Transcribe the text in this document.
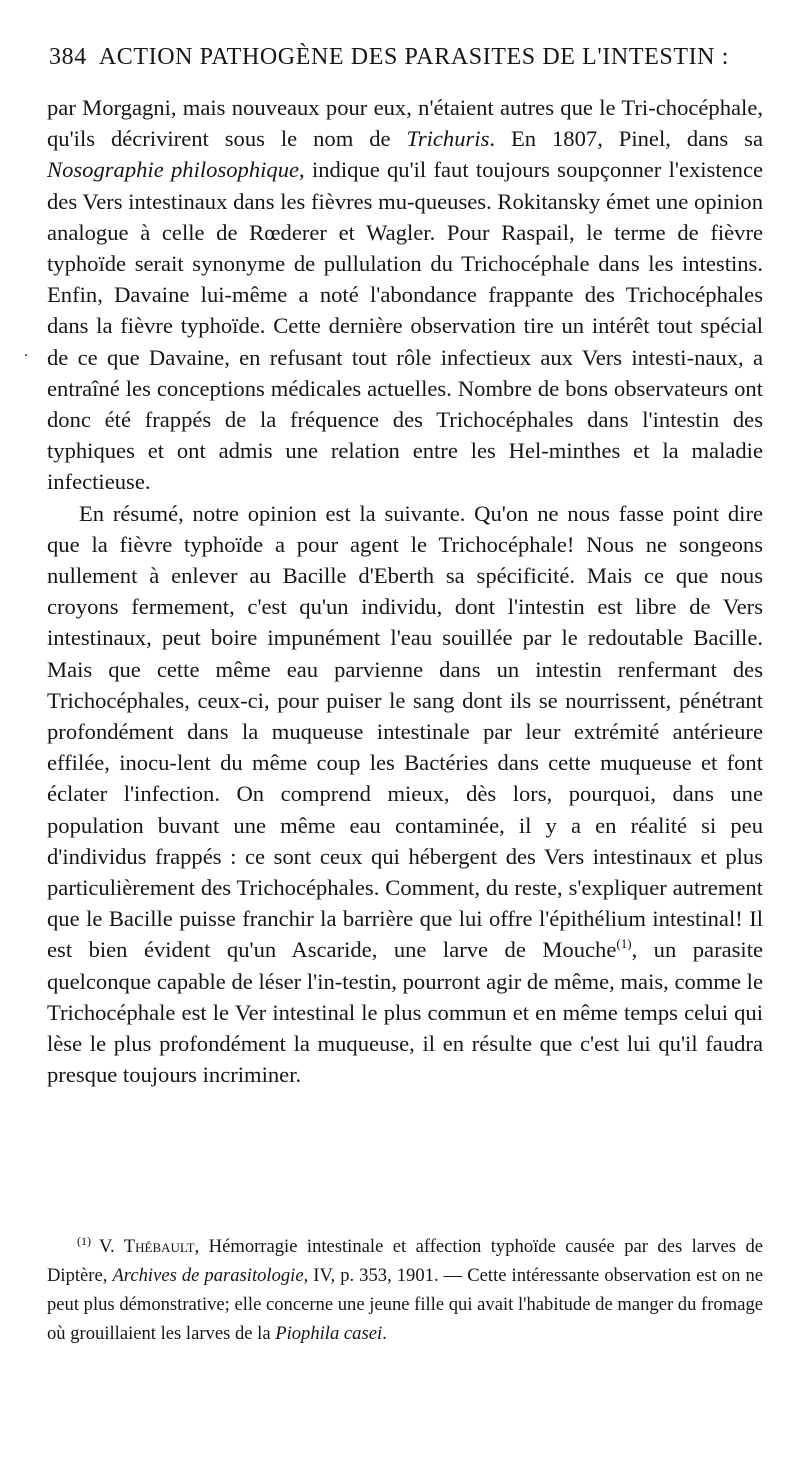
384 ACTION PATHOGÈNE DES PARASITES DE L'INTESTIN :
.

par Morgagni, mais nouveaux pour eux, n'étaient autres que le Tri-chocéphale, qu'ils décrivirent sous le nom de Trichuris. En 1807, Pinel, dans sa Nosographie philosophique, indique qu'il faut toujours soupçonner l'existence des Vers intestinaux dans les fièvres mu-queuses. Rokitansky émet une opinion analogue à celle de Rœderer et Wagler. Pour Raspail, le terme de fièvre typhoïde serait synonyme de pullulation du Trichocéphale dans les intestins. Enfin, Davaine lui-même a noté l'abondance frappante des Trichocéphales dans la fièvre typhoïde. Cette dernière observation tire un intérêt tout spécial de ce que Davaine, en refusant tout rôle infectieux aux Vers intesti-naux, a entraîné les conceptions médicales actuelles. Nombre de bons observateurs ont donc été frappés de la fréquence des Trichocéphales dans l'intestin des typhiques et ont admis une relation entre les Hel-minthes et la maladie infectieuse.

En résumé, notre opinion est la suivante. Qu'on ne nous fasse point dire que la fièvre typhoïde a pour agent le Trichocéphale! Nous ne songeons nullement à enlever au Bacille d'Eberth sa spécificité. Mais ce que nous croyons fermement, c'est qu'un individu, dont l'intestin est libre de Vers intestinaux, peut boire impunément l'eau souillée par le redoutable Bacille. Mais que cette même eau parvienne dans un intestin renfermant des Trichocéphales, ceux-ci, pour puiser le sang dont ils se nourrissent, pénétrant profondément dans la muqueuse intestinale par leur extrémité antérieure effilée, inocu-lent du même coup les Bactéries dans cette muqueuse et font éclater l'infection. On comprend mieux, dès lors, pourquoi, dans une population buvant une même eau contaminée, il y a en réalité si peu d'individus frappés : ce sont ceux qui hébergent des Vers intestinaux et plus particulièrement des Trichocéphales. Comment, du reste, s'expliquer autrement que le Bacille puisse franchir la barrière que lui offre l'épithélium intestinal! Il est bien évident qu'un Ascaride, une larve de Mouche$^{(1)}$, un parasite quelconque capable de léser l'in-testin, pourront agir de même, mais, comme le Trichocéphale est le Ver intestinal le plus commun et en même temps celui qui lèse le plus profondément la muqueuse, il en résulte que c'est lui qu'il faudra presque toujours incriminer.

$^{(1)}$ V. Thébault, Hémorragie intestinale et affection typhoïde causée par des larves de Diptère, Archives de parasitologie, IV, p. 353, 1901. — Cette intéressante observation est on ne peut plus démonstrative; elle concerne une jeune fille qui avait l'habitude de manger du fromage où grouillaient les larves de la Piophila casei.
